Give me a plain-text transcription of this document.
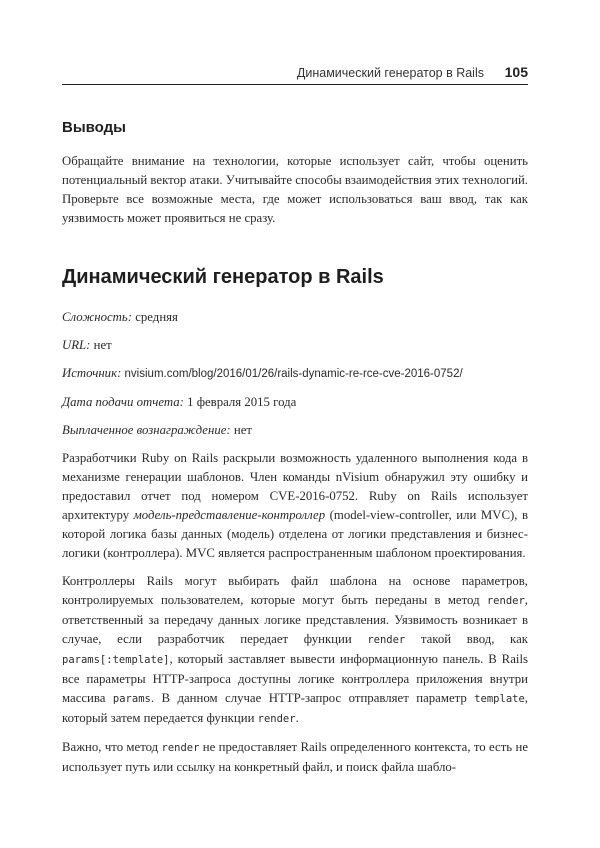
Динамический генератор в Rails 105
Выводы

Обращайте внимание на технологии, которые использует сайт, чтобы оценить потенциальный вектор атаки. Учитывайте способы взаимодействия этих технологий. Проверьте все возможные места, где может использоваться ваш ввод, так как уязвимость может проявиться не сразу.

Динамический генератор в Rails
Сложность: средняя
URL: нет
Источник: nvisium.com/blog/2016/01/26/rails-dynamic-re-rce-cve-2016-0752/
Дата подачи отчета: 1 февраля 2015 года
Выплаченное вознаграждение: нет

Разработчики Ruby on Rails раскрыли возможность удаленного выполнения кода в механизме генерации шаблонов. Член команды nVisium обнаружил эту ошибку и предоставил отчет под номером CVE-2016-0752. Ruby on Rails использует архитектуру модель-представление-контроллер (model-view-controller, или MVC), в которой логика базы данных (модель) отделена от логики представления и бизнес-логики (контроллера). MVC является распространенным шаблоном проектирования.

Контроллеры Rails могут выбирать файл шаблона на основе параметров, контролируемых пользователем, которые могут быть переданы в метод render, ответственный за передачу данных логике представления. Уязвимость возникает в случае, если разработчик передает функции render такой ввод, как params[:template], который заставляет вывести информационную панель. В Rails все параметры HTTP-запроса доступны логике контроллера приложения внутри массива params. В данном случае HTTP-запрос отправляет параметр template, который затем передается функции render.

Важно, что метод render не предоставляет Rails определенного контекста, то есть не использует путь или ссылку на конкретный файл, и поиск файла шабло-
